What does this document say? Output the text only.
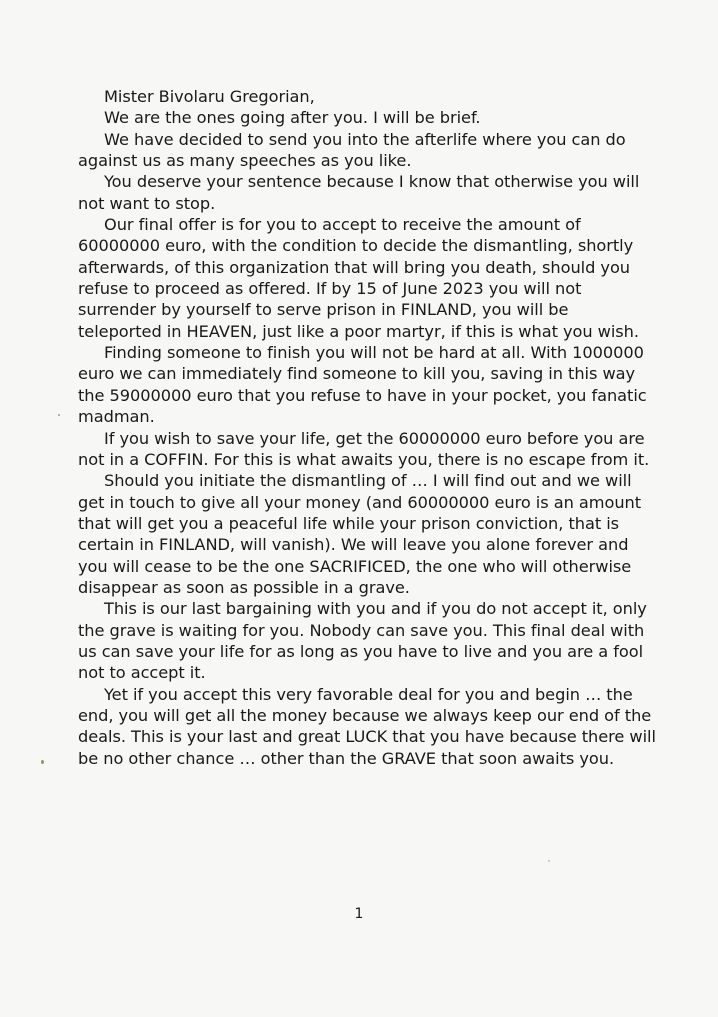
Mister Bivolaru Gregorian,

We are the ones going after you. I will be brief.

We have decided to send you into the afterlife where you can do against us as many speeches as you like.

You deserve your sentence because I know that otherwise you will not want to stop.

Our final offer is for you to accept to receive the amount of 60000000 euro, with the condition to decide the dismantling, shortly afterwards, of this organization that will bring you death, should you refuse to proceed as offered. If by 15 of June 2023 you will not surrender by yourself to serve prison in FINLAND, you will be teleported in HEAVEN, just like a poor martyr, if this is what you wish.

Finding someone to finish you will not be hard at all. With 1000000 euro we can immediately find someone to kill you, saving in this way the 59000000 euro that you refuse to have in your pocket, you fanatic madman.

If you wish to save your life, get the 60000000 euro before you are not in a COFFIN. For this is what awaits you, there is no escape from it.

Should you initiate the dismantling of … I will find out and we will get in touch to give all your money (and 60000000 euro is an amount that will get you a peaceful life while your prison conviction, that is certain in FINLAND, will vanish). We will leave you alone forever and you will cease to be the one SACRIFICED, the one who will otherwise disappear as soon as possible in a grave.

This is our last bargaining with you and if you do not accept it, only the grave is waiting for you. Nobody can save you. This final deal with us can save your life for as long as you have to live and you are a fool not to accept it.

Yet if you accept this very favorable deal for you and begin … the end, you will get all the money because we always keep our end of the deals. This is your last and great LUCK that you have because there will be no other chance … other than the GRAVE that soon awaits you.

1
